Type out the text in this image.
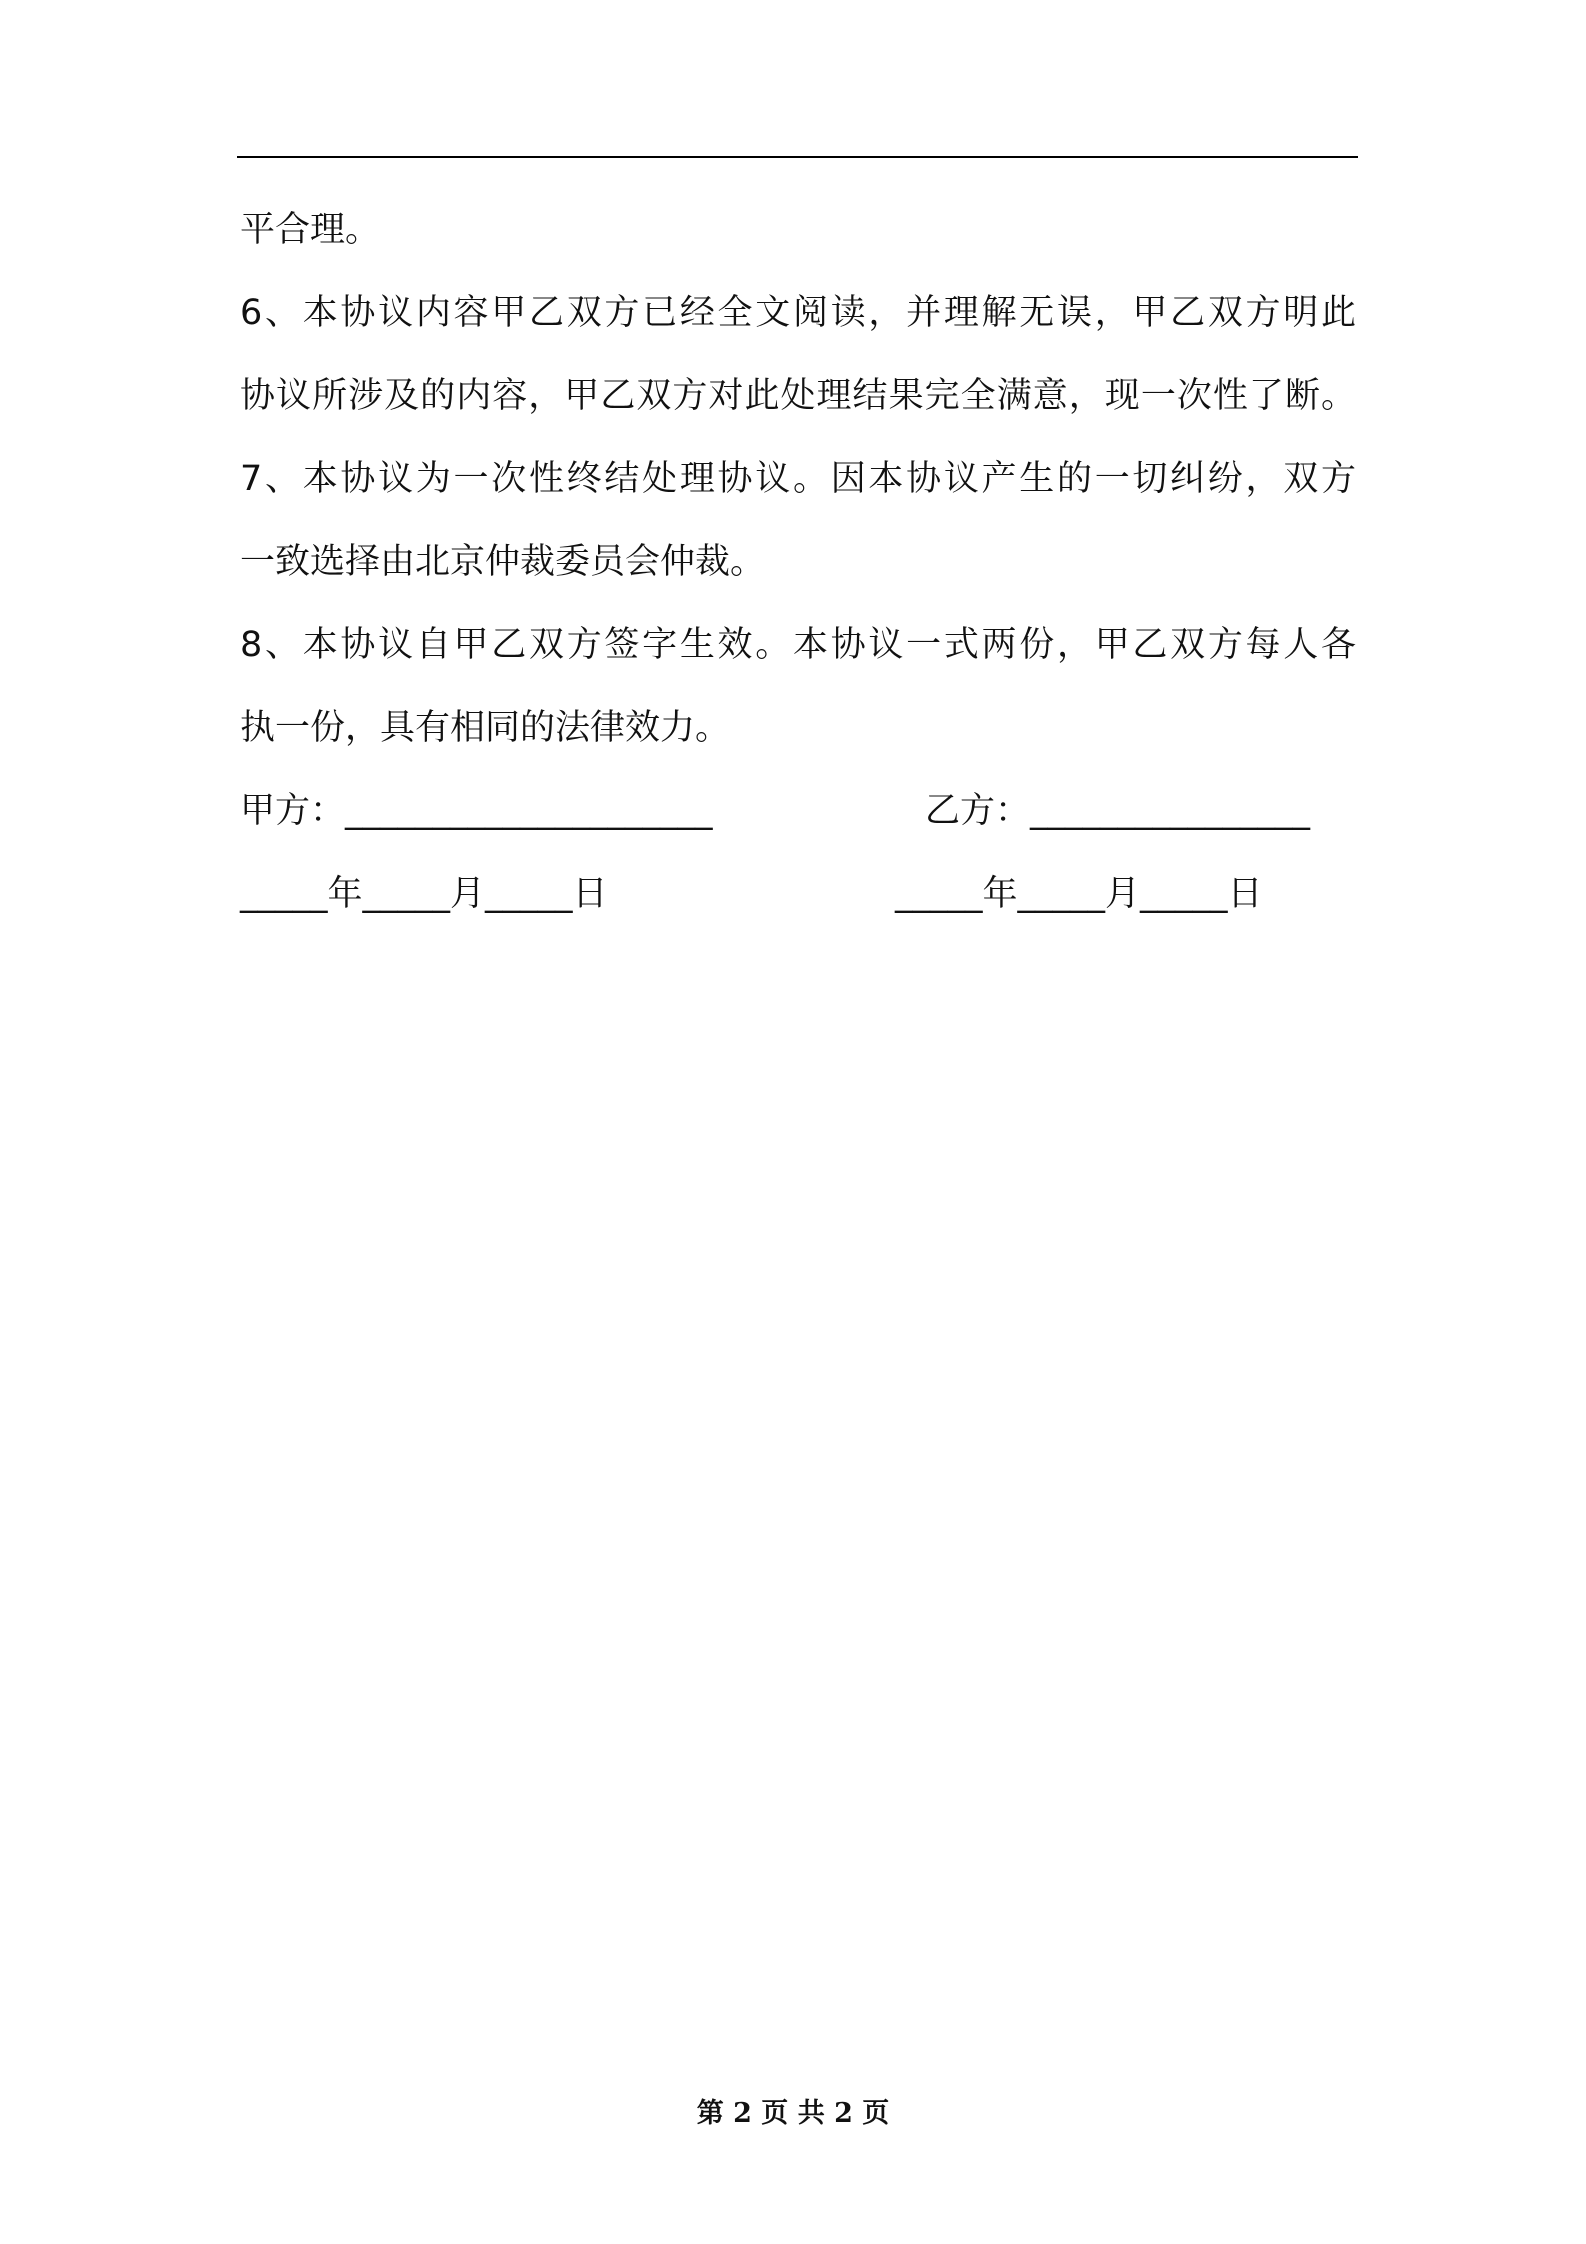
平合理。
6、本协议内容甲乙双方已经全文阅读，并理解无误，甲乙双方明此
协议所涉及的内容，甲乙双方对此处理结果完全满意，现一次性了断。
7、本协议为一次性终结处理协议。因本协议产生的一切纠纷，双方
一致选择由北京仲裁委员会仲裁。
8、本协议自甲乙双方签字生效。本协议一式两份，甲乙双方每人各
执一份，具有相同的法律效力。
甲方：_____________________	乙方：________________
_____年_____月_____日	_____年_____月_____日
第 2 页 共 2 页
